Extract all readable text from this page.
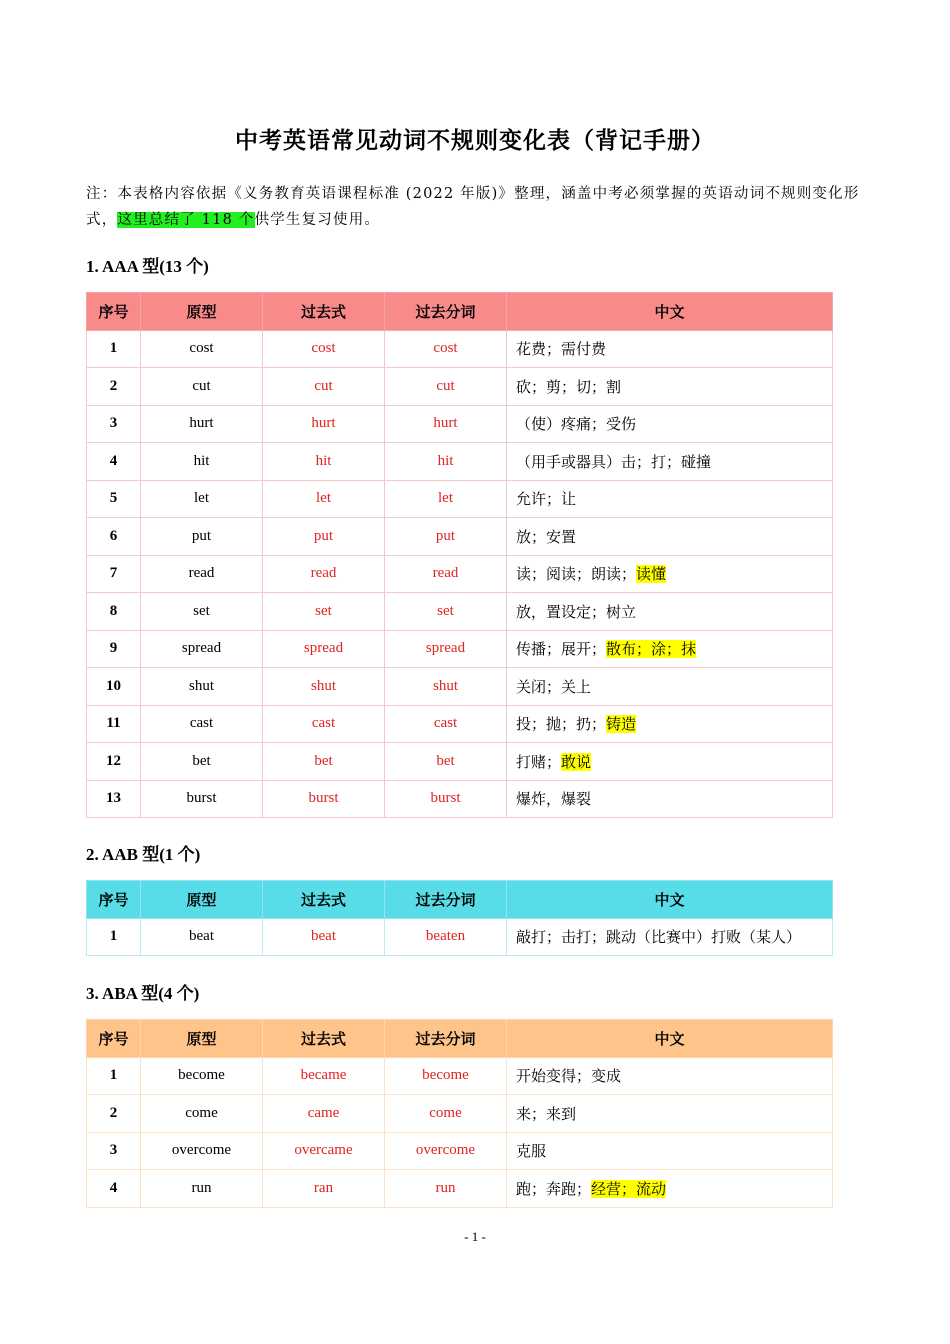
中考英语常见动词不规则变化表（背记手册）
注：本表格内容依据《义务教育英语课程标准 (2022 年版)》整理，涵盖中考必须掌握的英语动词不规则变化形式，这里总结了 118 个供学生复习使用。
1. AAA 型(13 个)
序号	原型	过去式	过去分词	中文
1	cost	cost	cost	花费；需付费
2	cut	cut	cut	砍；剪；切；割
3	hurt	hurt	hurt	（使）疼痛；受伤
4	hit	hit	hit	（用手或器具）击；打；碰撞
5	let	let	let	允许；让
6	put	put	put	放；安置
7	read	read	read	读；阅读；朗读；读懂
8	set	set	set	放，置设定；树立
9	spread	spread	spread	传播；展开；散布；涂；抹
10	shut	shut	shut	关闭；关上
11	cast	cast	cast	投；抛；扔；铸造
12	bet	bet	bet	打赌；敢说
13	burst	burst	burst	爆炸，爆裂
2. AAB 型(1 个)
序号	原型	过去式	过去分词	中文
1	beat	beat	beaten	敲打；击打；跳动（比赛中）打败（某人）
3. ABA 型(4 个)
序号	原型	过去式	过去分词	中文
1	become	became	become	开始变得；变成
2	come	came	come	来；来到
3	overcome	overcame	overcome	克服
4	run	ran	run	跑；奔跑；经营；流动
- 1 -
